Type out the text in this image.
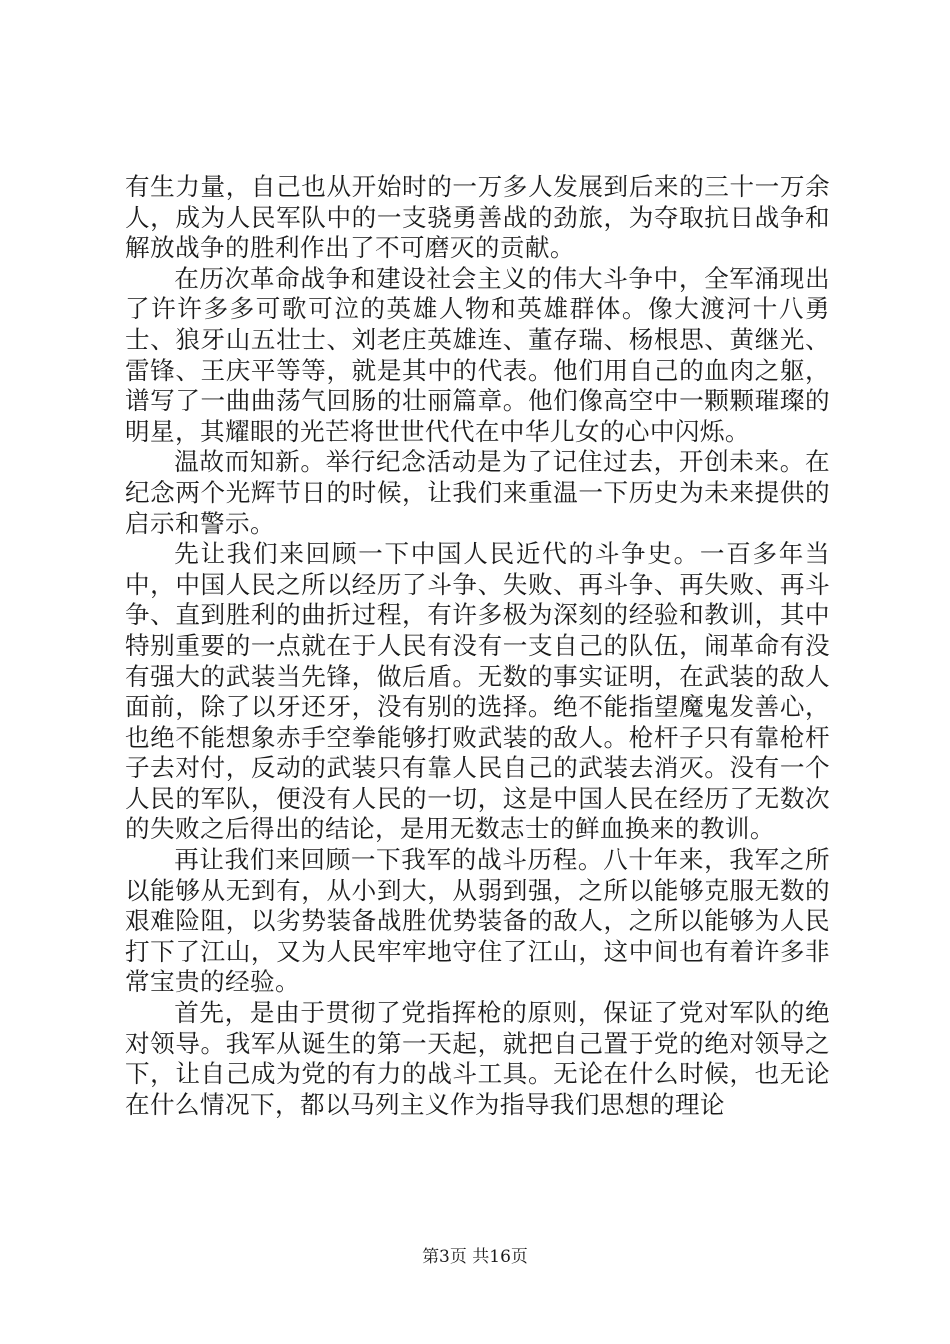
有生力量，自己也从开始时的一万多人发展到后来的三十一万余人，成为人民军队中的一支骁勇善战的劲旅，为夺取抗日战争和解放战争的胜利作出了不可磨灭的贡献。

在历次革命战争和建设社会主义的伟大斗争中，全军涌现出了许许多多可歌可泣的英雄人物和英雄群体。像大渡河十八勇士、狼牙山五壮士、刘老庄英雄连、董存瑞、杨根思、黄继光、雷锋、王庆平等等，就是其中的代表。他们用自己的血肉之躯，谱写了一曲曲荡气回肠的壮丽篇章。他们像高空中一颗颗璀璨的明星，其耀眼的光芒将世世代代在中华儿女的心中闪烁。

温故而知新。举行纪念活动是为了记住过去，开创未来。在纪念两个光辉节日的时候，让我们来重温一下历史为未来提供的启示和警示。

先让我们来回顾一下中国人民近代的斗争史。一百多年当中，中国人民之所以经历了斗争、失败、再斗争、再失败、再斗争、直到胜利的曲折过程，有许多极为深刻的经验和教训，其中特别重要的一点就在于人民有没有一支自己的队伍，闹革命有没有强大的武装当先锋，做后盾。无数的事实证明，在武装的敌人面前，除了以牙还牙，没有别的选择。绝不能指望魔鬼发善心，也绝不能想象赤手空拳能够打败武装的敌人。枪杆子只有靠枪杆子去对付，反动的武装只有靠人民自己的武装去消灭。没有一个人民的军队，便没有人民的一切，这是中国人民在经历了无数次的失败之后得出的结论，是用无数志士的鲜血换来的教训。

再让我们来回顾一下我军的战斗历程。八十年来，我军之所以能够从无到有，从小到大，从弱到强，之所以能够克服无数的艰难险阻，以劣势装备战胜优势装备的敌人，之所以能够为人民打下了江山，又为人民牢牢地守住了江山，这中间也有着许多非常宝贵的经验。

首先，是由于贯彻了党指挥枪的原则，保证了党对军队的绝对领导。我军从诞生的第一天起，就把自己置于党的绝对领导之下，让自己成为党的有力的战斗工具。无论在什么时候，也无论在什么情况下，都以马列主义作为指导我们思想的理论

第3页 共16页
